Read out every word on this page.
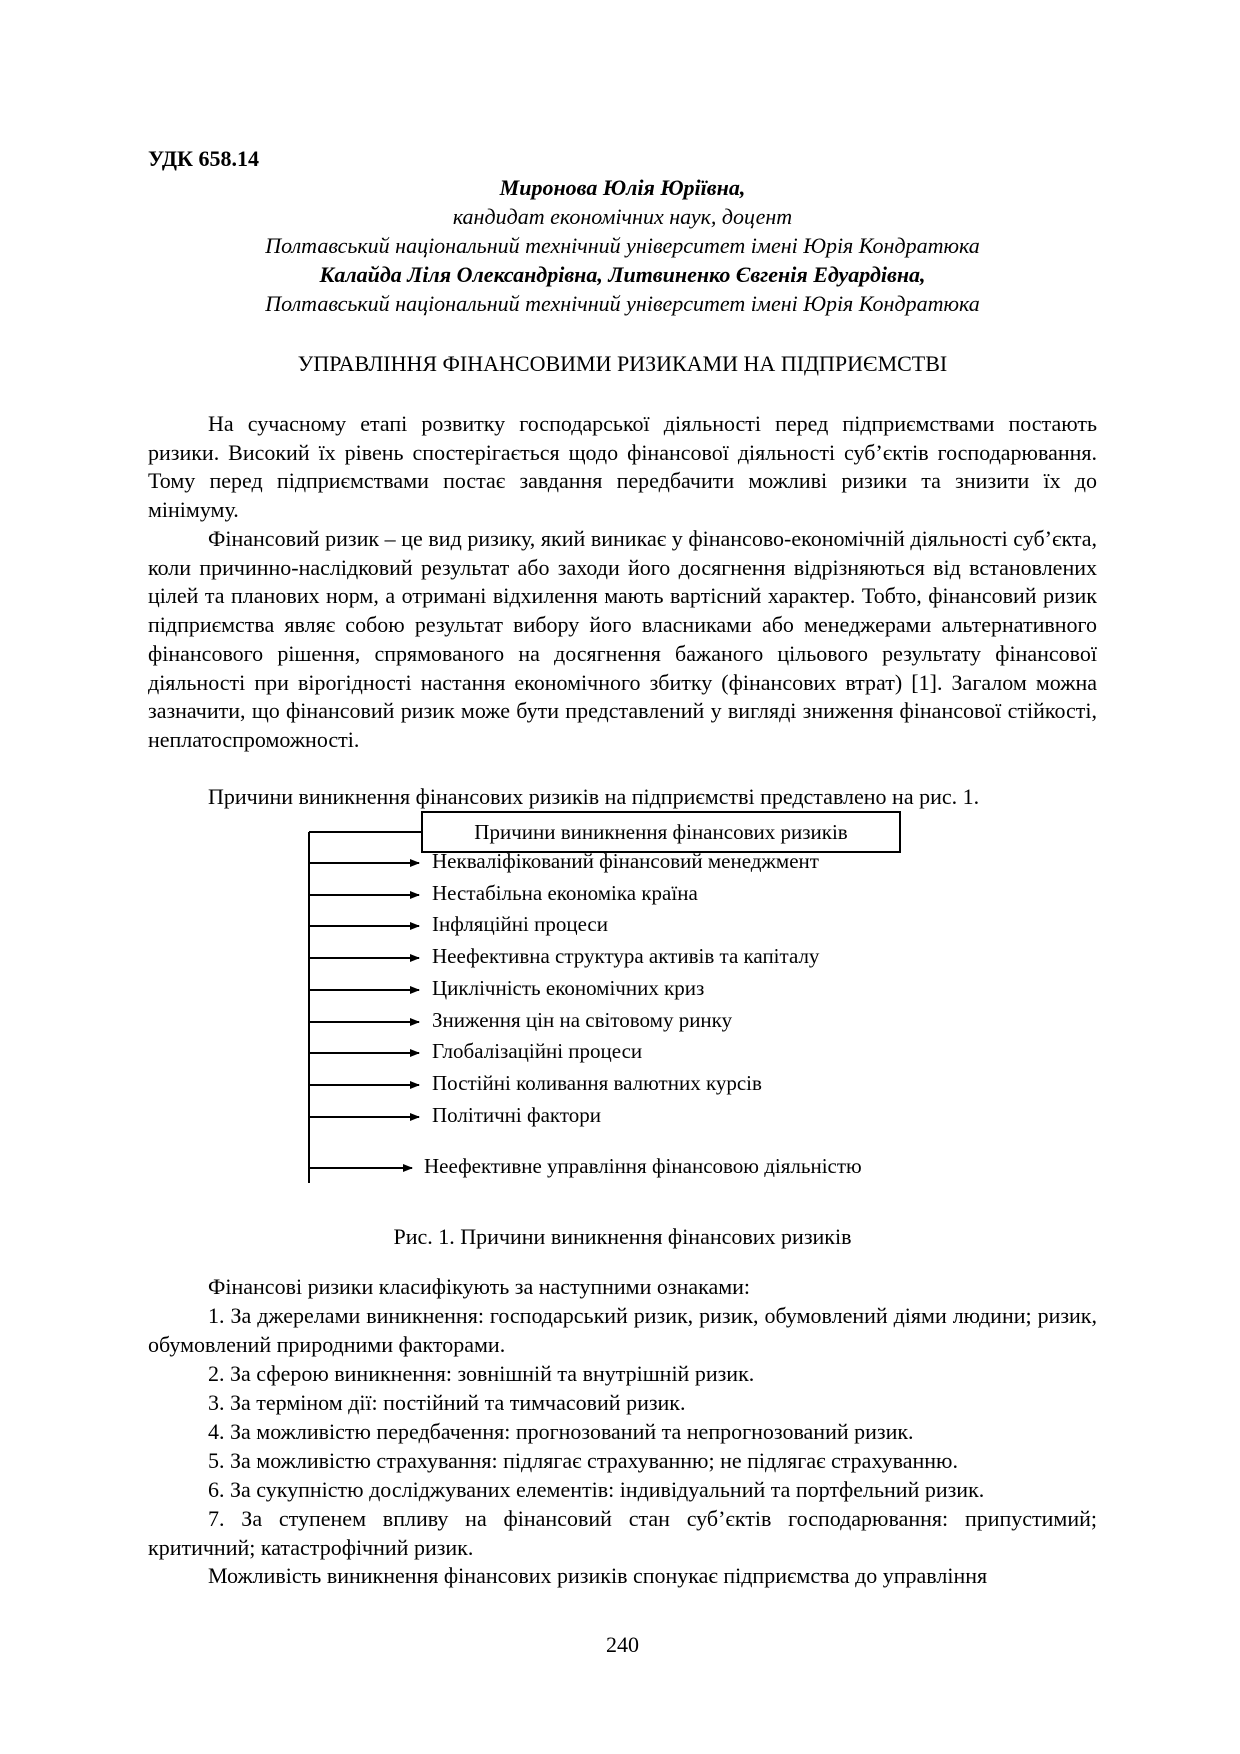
УДК 658.14
Миронова Юлія Юріївна,
кандидат економічних наук, доцент
Полтавський національний технічний університет імені Юрія Кондратюка
Калайда Ліля Олександрівна, Литвиненко Євгенія Едуардівна,
Полтавський національний технічний університет імені Юрія Кондратюка
УПРАВЛІННЯ ФІНАНСОВИМИ РИЗИКАМИ НА ПІДПРИЄМСТВІ

На сучасному етапі розвитку господарської діяльності перед підприємствами постають ризики. Високий їх рівень спостерігається щодо фінансової діяльності суб’єктів господарювання. Тому перед підприємствами постає завдання передбачити можливі ризики та знизити їх до мінімуму.

Фінансовий ризик – це вид ризику, який виникає у фінансово-економічній діяльності суб’єкта, коли причинно-наслідковий результат або заходи його досягнення відрізняються від встановлених цілей та планових норм, а отримані відхилення мають вартісний характер. Тобто, фінансовий ризик підприємства являє собою результат вибору його власниками або менеджерами альтернативного фінансового рішення, спрямованого на досягнення бажаного цільового результату фінансової діяльності при вірогідності настання економічного збитку (фінансових втрат) [1]. Загалом можна зазначити, що фінансовий ризик може бути представлений у вигляді зниження фінансової стійкості, неплатоспроможності.

Причини виникнення фінансових ризиків на підприємстві представлено на рис. 1.

Причини виникнення фінансових ризиків
Некваліфікований фінансовий менеджмент
Нестабільна економіка країна
Інфляційні процеси
Неефективна структура активів та капіталу
Циклічність економічних криз
Зниження цін на світовому ринку
Глобалізаційні процеси
Постійні коливання валютних курсів
Політичні фактори
Неефективне управління фінансовою діяльністю
Рис. 1. Причини виникнення фінансових ризиків
Фінансові ризики класифікують за наступними ознаками:

1. За джерелами виникнення: господарський ризик, ризик, обумовлений діями людини; ризик, обумовлений природними факторами.

2. За сферою виникнення: зовнішній та внутрішній ризик.

3. За терміном дії: постійний та тимчасовий ризик.

4. За можливістю передбачення: прогнозований та непрогнозований ризик.

5. За можливістю страхування: підлягає страхуванню; не підлягає страхуванню.

6. За сукупністю досліджуваних елементів: індивідуальний та портфельний ризик.

7. За ступенем впливу на фінансовий стан суб’єктів господарювання: припустимий; критичний; катастрофічний ризик.

Можливість виникнення фінансових ризиків спонукає підприємства до управління
240
